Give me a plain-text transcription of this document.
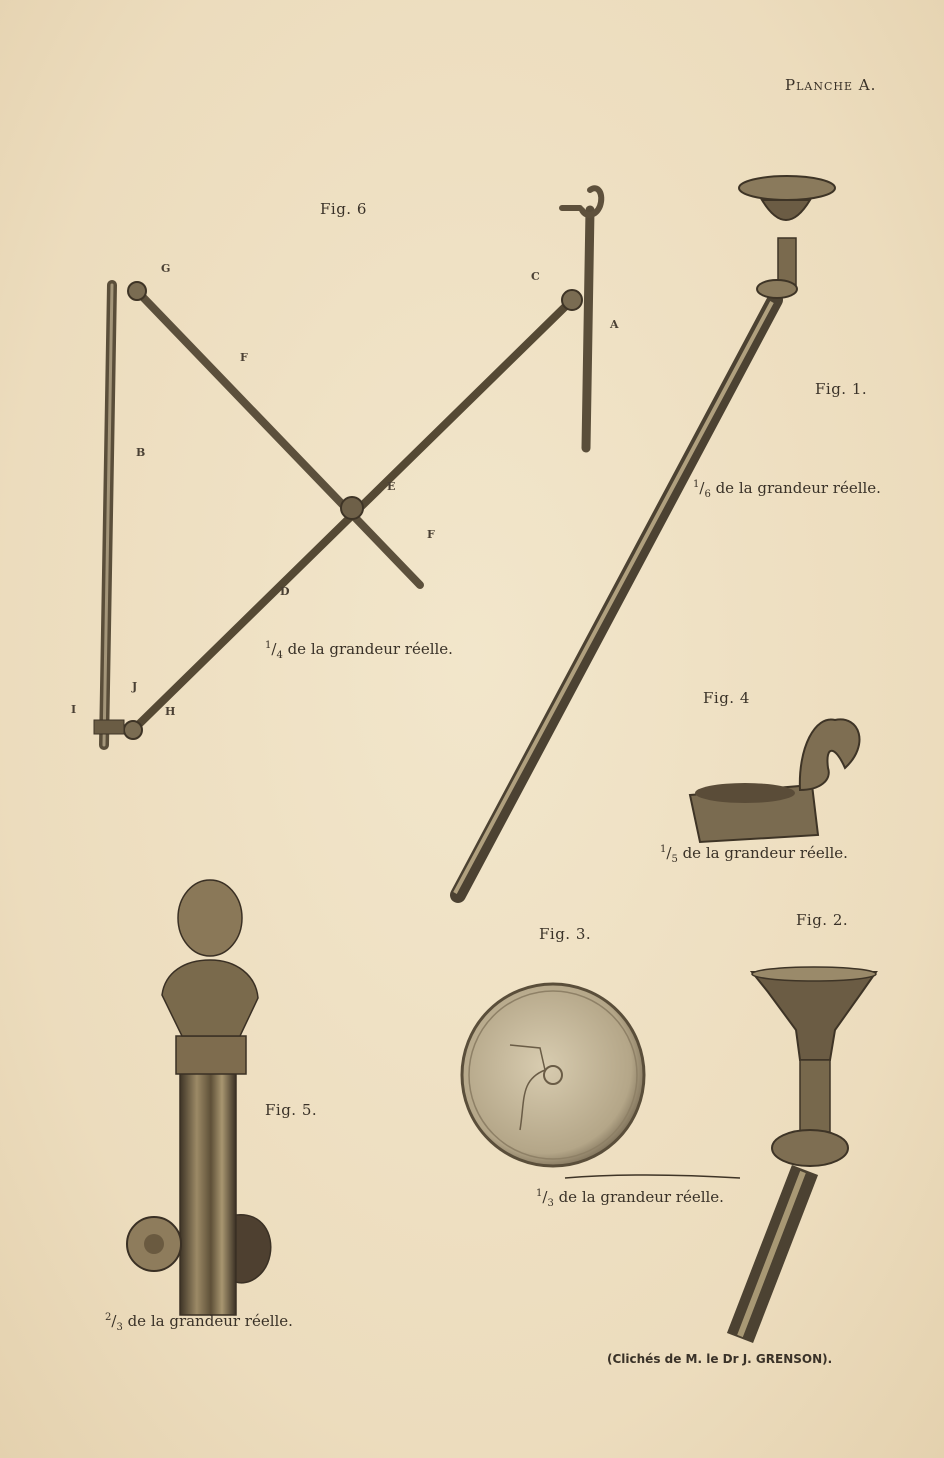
Planche A.
Fig. 6
G
C
A
F
B
E
F
D
J
I	H
$^1/_4$ de la grandeur réelle.
Fig. 1.
$^1/_6$ de la grandeur réelle.
Fig. 4
$^1/_5$ de la grandeur réelle.
Fig. 2.
Fig. 3.
$^1/_3$ de la grandeur réelle.
Fig. 5.
$^2/_3$ de la grandeur réelle.
(Clichés de M. le Dr J. GRENSON).
